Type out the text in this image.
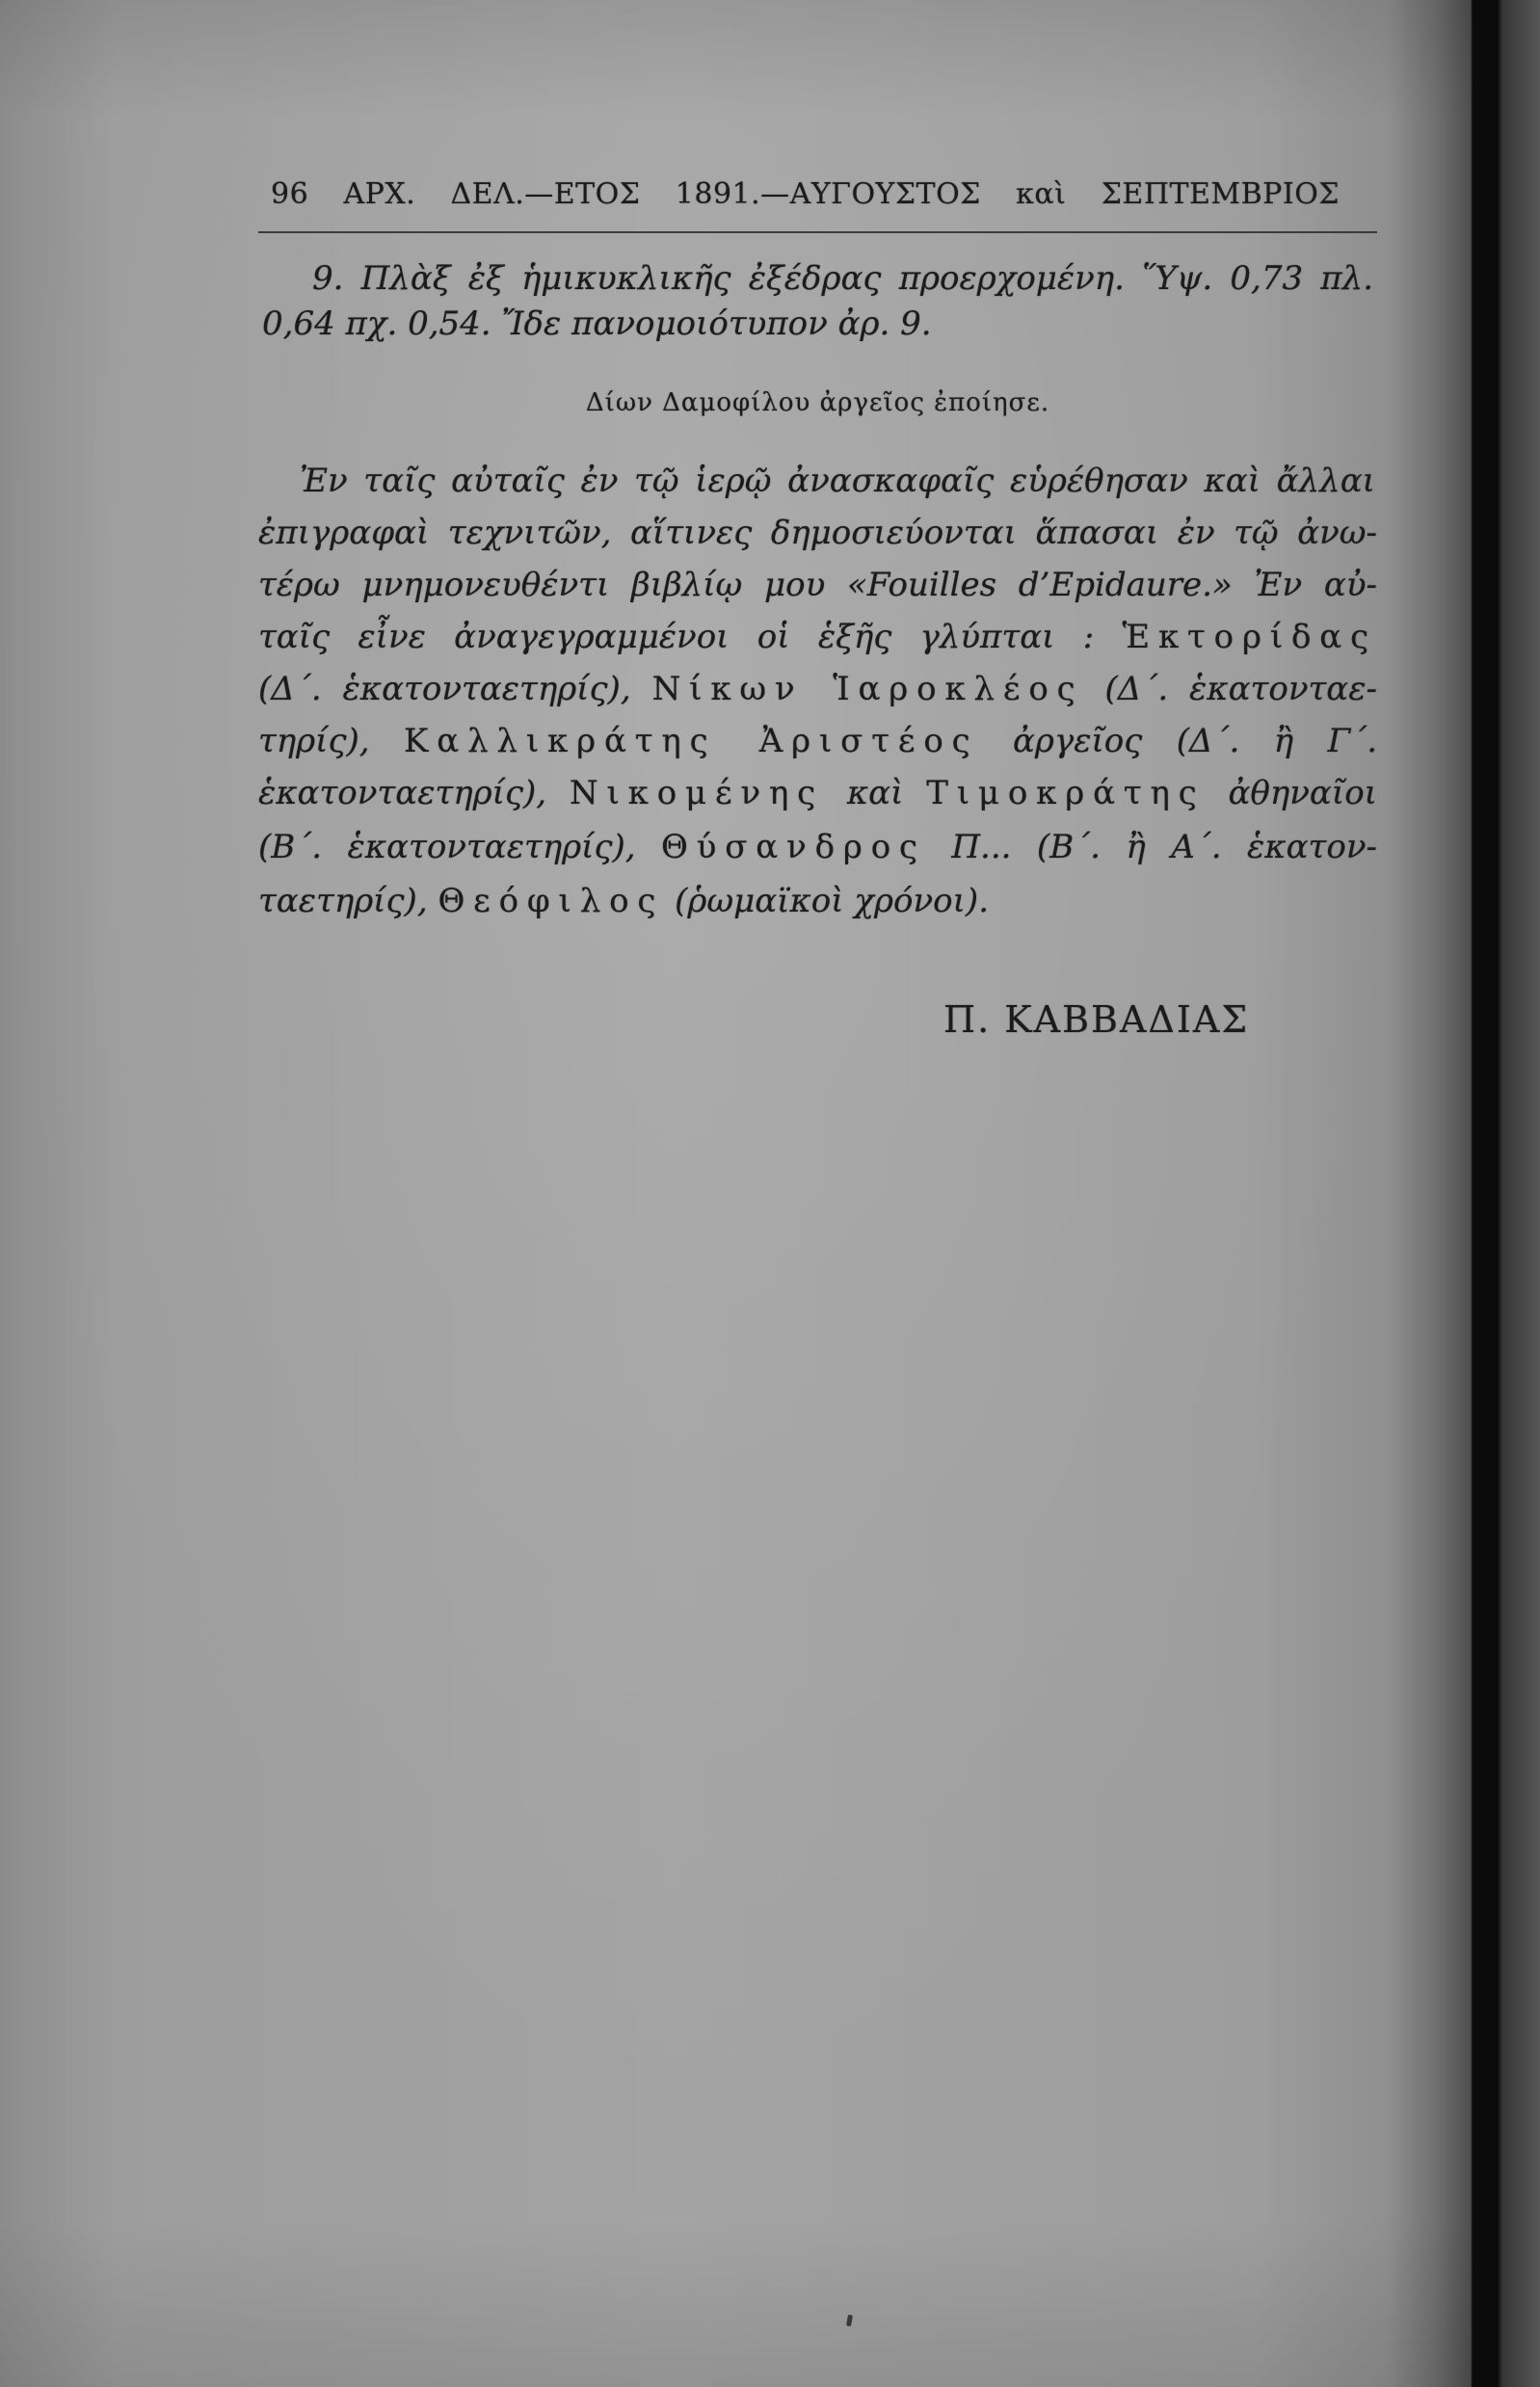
96 ΑΡΧ. ΔΕΛ.—ΕΤΟΣ 1891.—ΑΥΓΟΥΣΤΟΣ καὶ ΣΕΠΤΕΜΒΡΙΟΣ
9. Πλὰξ ἐξ ἡμικυκλικῆς ἐξέδρας προερχομένη. Ὕψ. 0,73 πλ.
0,64 πχ. 0,54. Ἴδε πανομοιότυπον ἀρ. 9.
Δίων Δαμοφίλου ἀργεῖος ἐποίησε.
Ἐν ταῖς αὐταῖς ἐν τῷ ἱερῷ ἀνασκαφαῖς εὑρέθησαν καὶ ἄλλαι
ἐπιγραφαὶ τεχνιτῶν, αἵτινες δημοσιεύονται ἅπασαι ἐν τῷ ἀνω-
τέρω μνημονευθέντι βιβλίῳ μου «Fouilles d’Epidaure.» Ἐν αὐ-
ταῖς εἶνε ἀναγεγραμμένοι οἱ ἑξῆς γλύπται : Ἑκτορίδας
(Δ΄. ἑκατονταετηρίς), Νίκων Ἱαροκλέος (Δ΄. ἑκατονταε-
τηρίς), Καλλικράτης Ἀριστέος ἀργεῖος (Δ΄. ἢ Γ΄.
ἑκατονταετηρίς), Νικομένης καὶ Τιμοκράτης ἀθηναῖοι
(Β΄. ἑκατονταετηρίς), Θύσανδρος Π... (Β΄. ἢ Α΄. ἑκατον-
ταετηρίς), Θεόφιλος (ῥωμαϊκοὶ χρόνοι).
Π. ΚΑΒΒΑΔΙΑΣ
